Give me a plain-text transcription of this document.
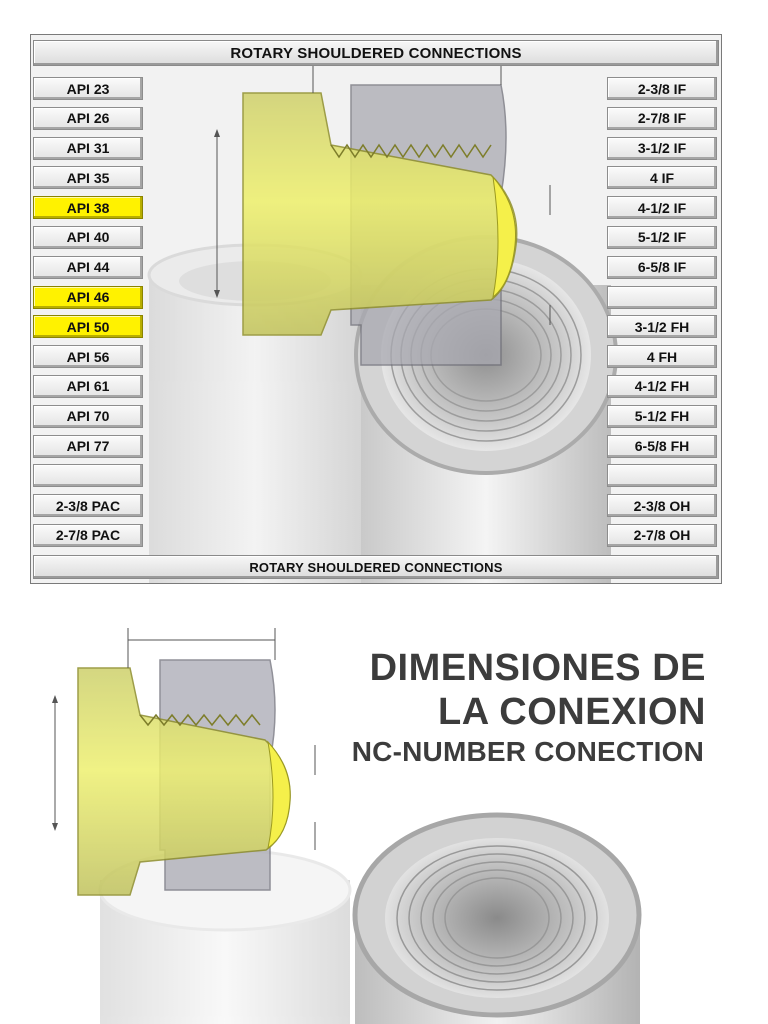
ROTARY SHOULDERED CONNECTIONS
API 23
API 26
API 31
API 35
API 38
API 40
API 44
API 46
API 50
API 56
API 61
API 70
API 77
2-3/8 PAC
2-7/8 PAC
2-3/8 IF
2-7/8 IF
3-1/2 IF
4 IF
4-1/2 IF
5-1/2 IF
6-5/8 IF
3-1/2 FH
4 FH
4-1/2 FH
5-1/2 FH
6-5/8 FH
2-3/8 OH
2-7/8 OH
ROTARY SHOULDERED CONNECTIONS
DIMENSIONES DE
LA CONEXION
NC-NUMBER CONECTION
